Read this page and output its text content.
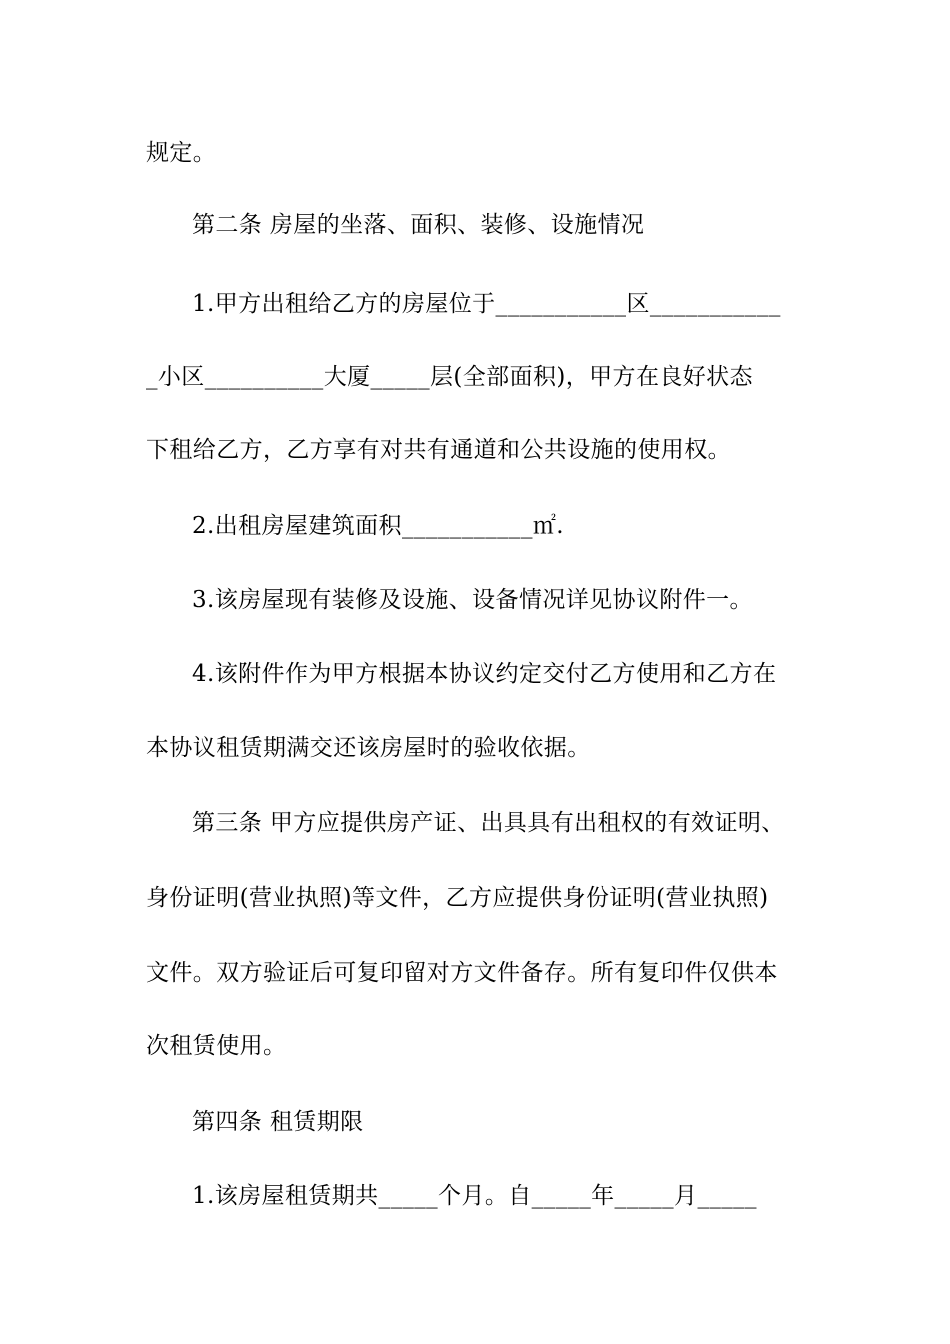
规定。
第二条 房屋的坐落、面积、装修、设施情况
1.甲方出租给乙方的房屋位于___________区___________
_小区__________大厦_____层(全部面积)，甲方在良好状态
下租给乙方，乙方享有对共有通道和公共设施的使用权。
2.出租房屋建筑面积___________㎡.
3.该房屋现有装修及设施、设备情况详见协议附件一。
4.该附件作为甲方根据本协议约定交付乙方使用和乙方在
本协议租赁期满交还该房屋时的验收依据。
第三条 甲方应提供房产证、出具具有出租权的有效证明、
身份证明(营业执照)等文件，乙方应提供身份证明(营业执照)
文件。双方验证后可复印留对方文件备存。所有复印件仅供本
次租赁使用。
第四条 租赁期限
1.该房屋租赁期共_____个月。自_____年_____月_____
